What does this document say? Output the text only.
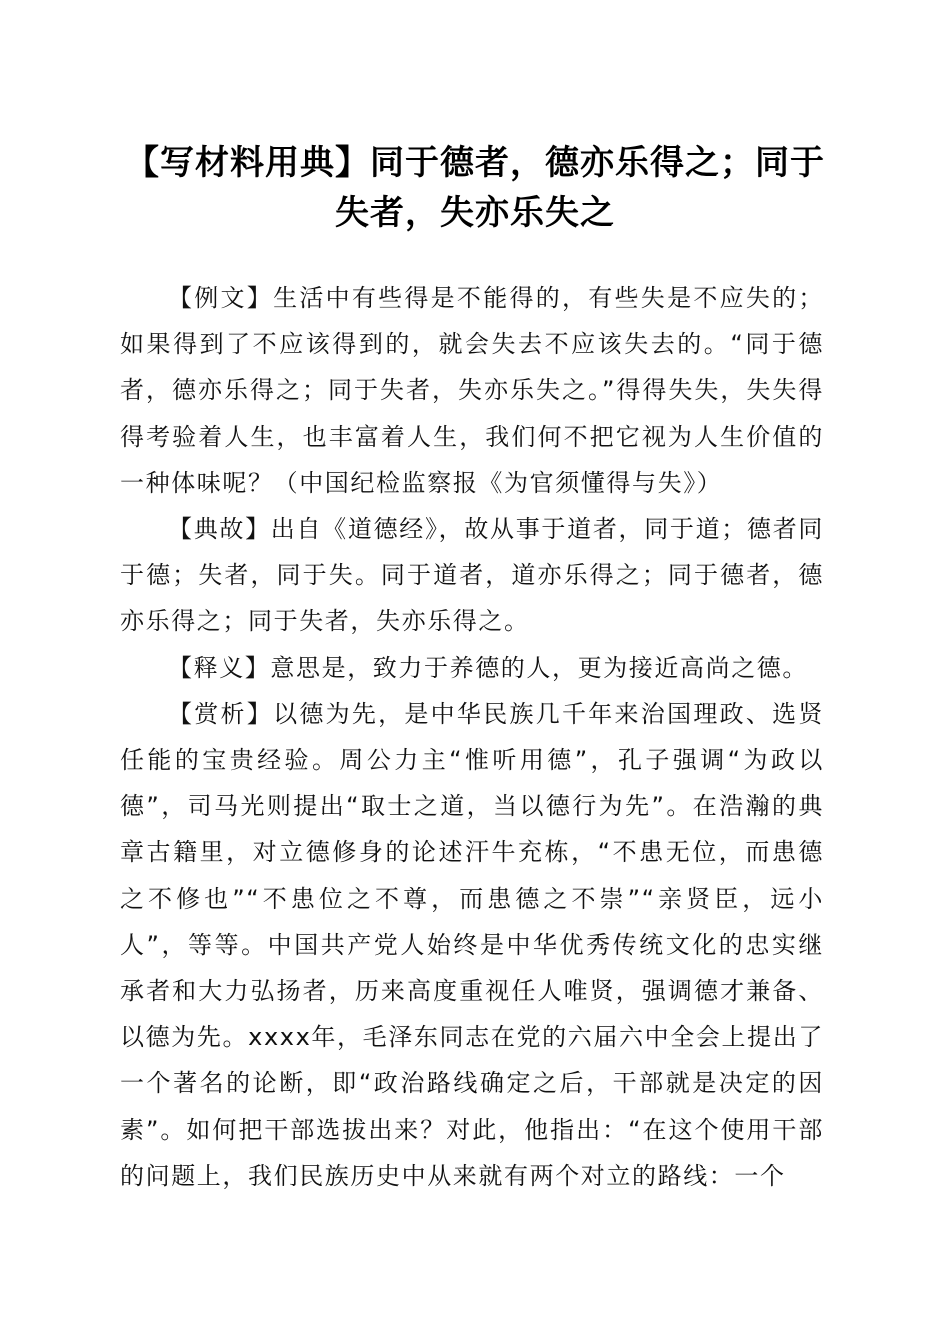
【写材料用典】同于德者，德亦乐得之；同于失者，失亦乐失之

【例文】生活中有些得是不能得的，有些失是不应失的；如果得到了不应该得到的，就会失去不应该失去的。“同于德者，德亦乐得之；同于失者，失亦乐失之。”得得失失，失失得得考验着人生，也丰富着人生，我们何不把它视为人生价值的一种体味呢？（中国纪检监察报《为官须懂得与失》）

【典故】出自《道德经》，故从事于道者，同于道；德者同于德；失者，同于失。同于道者，道亦乐得之；同于德者，德亦乐得之；同于失者，失亦乐得之。

【释义】意思是，致力于养德的人，更为接近高尚之德。

【赏析】以德为先，是中华民族几千年来治国理政、选贤任能的宝贵经验。周公力主“惟听用德”，孔子强调“为政以德”，司马光则提出“取士之道，当以德行为先”。在浩瀚的典章古籍里，对立德修身的论述汗牛充栋，“不患无位，而患德之不修也”“不患位之不尊，而患德之不崇”“亲贤臣，远小人”，等等。中国共产党人始终是中华优秀传统文化的忠实继承者和大力弘扬者，历来高度重视任人唯贤，强调德才兼备、以德为先。xxxx年，毛泽东同志在党的六届六中全会上提出了一个著名的论断，即“政治路线确定之后，干部就是决定的因素”。如何把干部选拔出来？对此，他指出：“在这个使用干部的问题上，我们民族历史中从来就有两个对立的路线：一个
